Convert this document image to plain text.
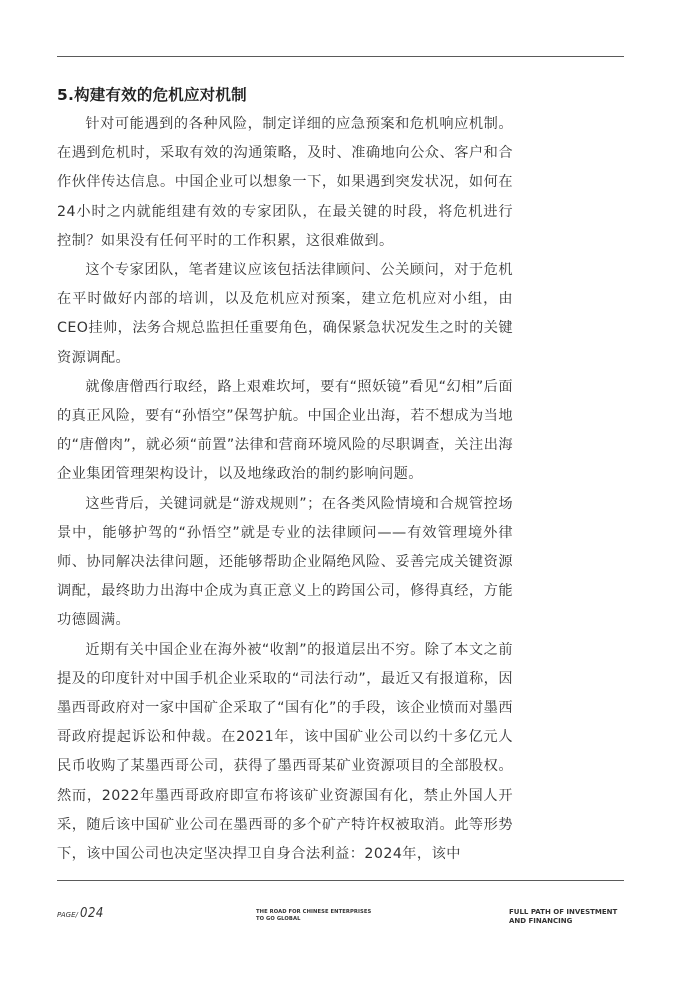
5.构建有效的危机应对机制

针对可能遇到的各种风险，制定详细的应急预案和危机响应机制。在遇到危机时，采取有效的沟通策略，及时、准确地向公众、客户和合作伙伴传达信息。中国企业可以想象一下，如果遇到突发状况，如何在24小时之内就能组建有效的专家团队，在最关键的时段，将危机进行控制？如果没有任何平时的工作积累，这很难做到。

这个专家团队，笔者建议应该包括法律顾问、公关顾问，对于危机在平时做好内部的培训，以及危机应对预案，建立危机应对小组，由CEO挂帅，法务合规总监担任重要角色，确保紧急状况发生之时的关键资源调配。

就像唐僧西行取经，路上艰难坎坷，要有“照妖镜”看见“幻相”后面的真正风险，要有“孙悟空”保驾护航。中国企业出海，若不想成为当地的“唐僧肉”，就必须“前置”法律和营商环境风险的尽职调查，关注出海企业集团管理架构设计，以及地缘政治的制约影响问题。

这些背后，关键词就是“游戏规则”；在各类风险情境和合规管控场景中，能够护驾的“孙悟空”就是专业的法律顾问——有效管理境外律师、协同解决法律问题，还能够帮助企业隔绝风险、妥善完成关键资源调配，最终助力出海中企成为真正意义上的跨国公司，修得真经，方能功德圆满。

近期有关中国企业在海外被“收割”的报道层出不穷。除了本文之前提及的印度针对中国手机企业采取的“司法行动”，最近又有报道称，因墨西哥政府对一家中国矿企采取了“国有化”的手段，该企业愤而对墨西哥政府提起诉讼和仲裁。在2021年，该中国矿业公司以约十多亿元人民币收购了某墨西哥公司，获得了墨西哥某矿业资源项目的全部股权。然而，2022年墨西哥政府即宣布将该矿业资源国有化，禁止外国人开采，随后该中国矿业公司在墨西哥的多个矿产特许权被取消。此等形势下，该中国公司也决定坚决捍卫自身合法利益：2024年，该中

PAGE/ 024	THE ROAD FOR CHINESE ENTERPRISES
TO GO GLOBAL
FULL PATH OF INVESTMENT
AND FINANCING
